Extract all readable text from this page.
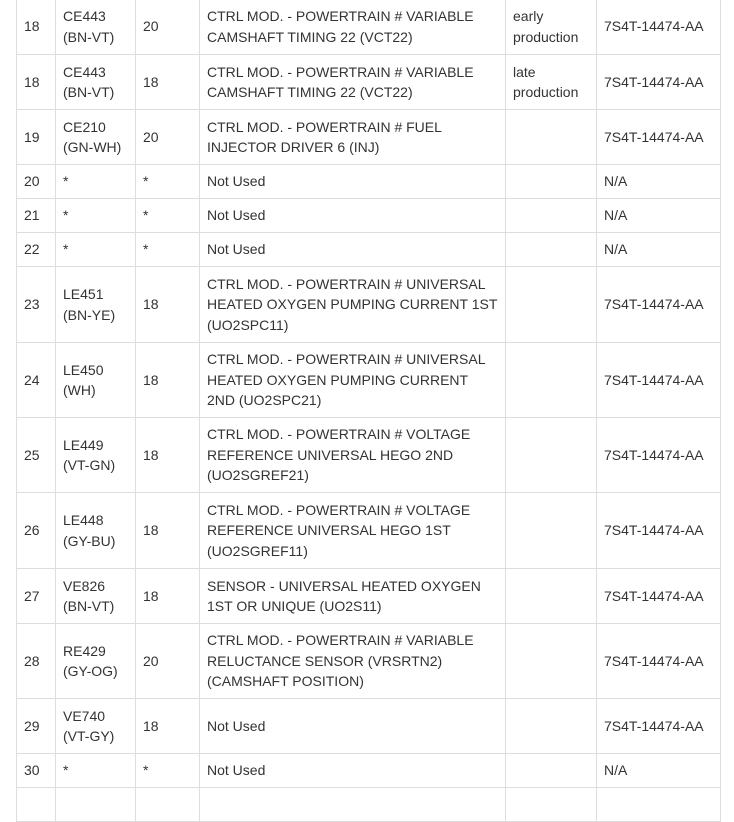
18	CE443 (BN-VT)	20	CTRL MOD. - POWERTRAIN # VARIABLE CAMSHAFT TIMING 22 (VCT22)	early production	7S4T-14474-AA
18	CE443 (BN-VT)	18	CTRL MOD. - POWERTRAIN # VARIABLE CAMSHAFT TIMING 22 (VCT22)	late production	7S4T-14474-AA
19	CE210 (GN-WH)	20	CTRL MOD. - POWERTRAIN # FUEL INJECTOR DRIVER 6 (INJ)		7S4T-14474-AA
20	*	*	Not Used		N/A
21	*	*	Not Used		N/A
22	*	*	Not Used		N/A
23	LE451 (BN-YE)	18	CTRL MOD. - POWERTRAIN # UNIVERSAL HEATED OXYGEN PUMPING CURRENT 1ST (UO2SPC11)		7S4T-14474-AA
24	LE450 (WH)	18	CTRL MOD. - POWERTRAIN # UNIVERSAL HEATED OXYGEN PUMPING CURRENT 2ND (UO2SPC21)		7S4T-14474-AA
25	LE449 (VT-GN)	18	CTRL MOD. - POWERTRAIN # VOLTAGE REFERENCE UNIVERSAL HEGO 2ND (UO2SGREF21)		7S4T-14474-AA
26	LE448 (GY-BU)	18	CTRL MOD. - POWERTRAIN # VOLTAGE REFERENCE UNIVERSAL HEGO 1ST (UO2SGREF11)		7S4T-14474-AA
27	VE826 (BN-VT)	18	SENSOR - UNIVERSAL HEATED OXYGEN 1ST OR UNIQUE (UO2S11)		7S4T-14474-AA
28	RE429 (GY-OG)	20	CTRL MOD. - POWERTRAIN # VARIABLE RELUCTANCE SENSOR (VRSRTN2) (CAMSHAFT POSITION)		7S4T-14474-AA
29	VE740 (VT-GY)	18	Not Used		7S4T-14474-AA
30	*	*	Not Used		N/A
